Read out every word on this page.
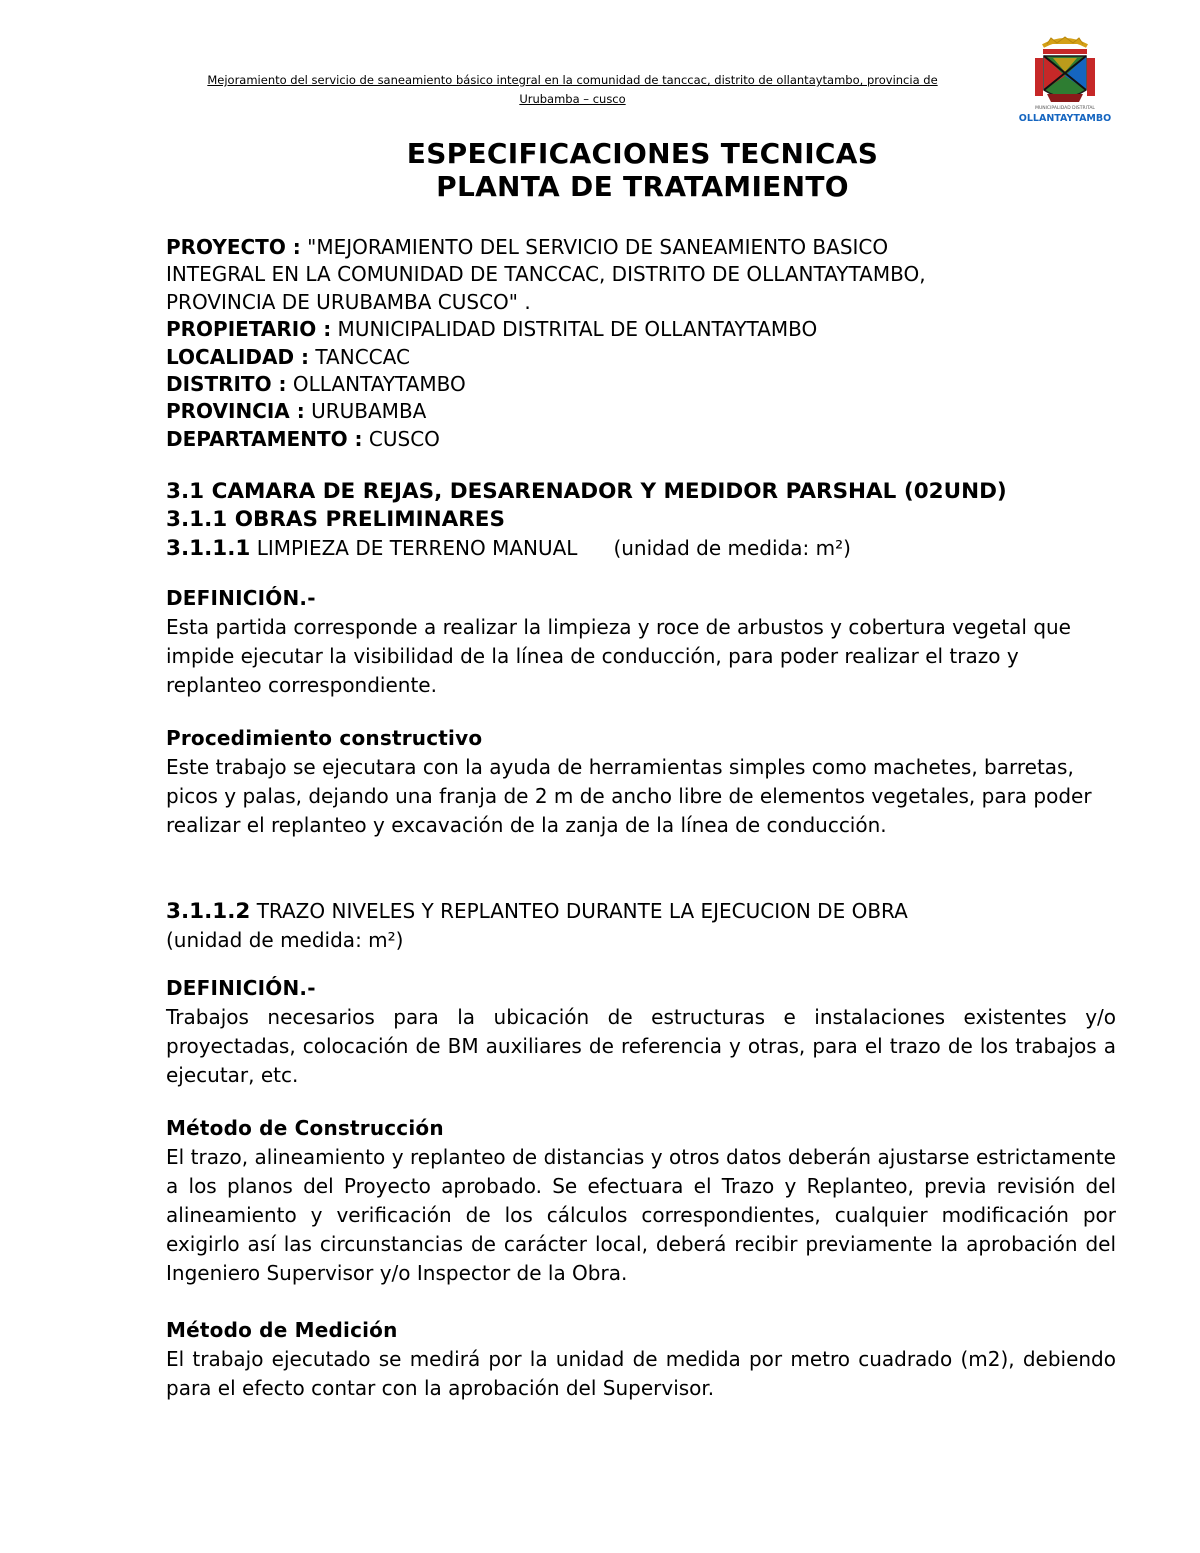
Mejoramiento del servicio de saneamiento básico integral en la comunidad de tanccac, distrito de ollantaytambo, provincia de
Urubamba – cusco
MUNICIPALIDAD DISTRITAL
OLLANTAYTAMBO
ESPECIFICACIONES TECNICAS
PLANTA DE TRATAMIENTO
PROYECTO : "MEJORAMIENTO DEL SERVICIO DE SANEAMIENTO BASICO
INTEGRAL EN LA COMUNIDAD DE TANCCAC, DISTRITO DE OLLANTAYTAMBO,
PROVINCIA DE URUBAMBA CUSCO" .
PROPIETARIO : MUNICIPALIDAD DISTRITAL DE OLLANTAYTAMBO
LOCALIDAD : TANCCAC
DISTRITO : OLLANTAYTAMBO
PROVINCIA : URUBAMBA
DEPARTAMENTO : CUSCO
3.1 CAMARA DE REJAS, DESARENADOR Y MEDIDOR PARSHAL (02UND)
3.1.1 OBRAS PRELIMINARES
3.1.1.1 LIMPIEZA DE TERRENO MANUAL (unidad de medida: m²)

DEFINICIÓN.-

Esta partida corresponde a realizar la limpieza y roce de arbustos y cobertura vegetal que impide ejecutar la visibilidad de la línea de conducción, para poder realizar el trazo y replanteo correspondiente.

Procedimiento constructivo

Este trabajo se ejecutara con la ayuda de herramientas simples como machetes, barretas, picos y palas, dejando una franja de 2 m de ancho libre de elementos vegetales, para poder realizar el replanteo y excavación de la zanja de la línea de conducción.

3.1.1.2 TRAZO NIVELES Y REPLANTEO DURANTE LA EJECUCION DE OBRA
(unidad de medida: m²)

DEFINICIÓN.-

Trabajos necesarios para la ubicación de estructuras e instalaciones existentes y/o proyectadas, colocación de BM auxiliares de referencia y otras, para el trazo de los trabajos a ejecutar, etc.

Método de Construcción

El trazo, alineamiento y replanteo de distancias y otros datos deberán ajustarse estrictamente a los planos del Proyecto aprobado. Se efectuara el Trazo y Replanteo, previa revisión del alineamiento y verificación de los cálculos correspondientes, cualquier modificación por exigirlo así las circunstancias de carácter local, deberá recibir previamente la aprobación del Ingeniero Supervisor y/o Inspector de la Obra.

Método de Medición

El trabajo ejecutado se medirá por la unidad de medida por metro cuadrado (m2), debiendo para el efecto contar con la aprobación del Supervisor.
